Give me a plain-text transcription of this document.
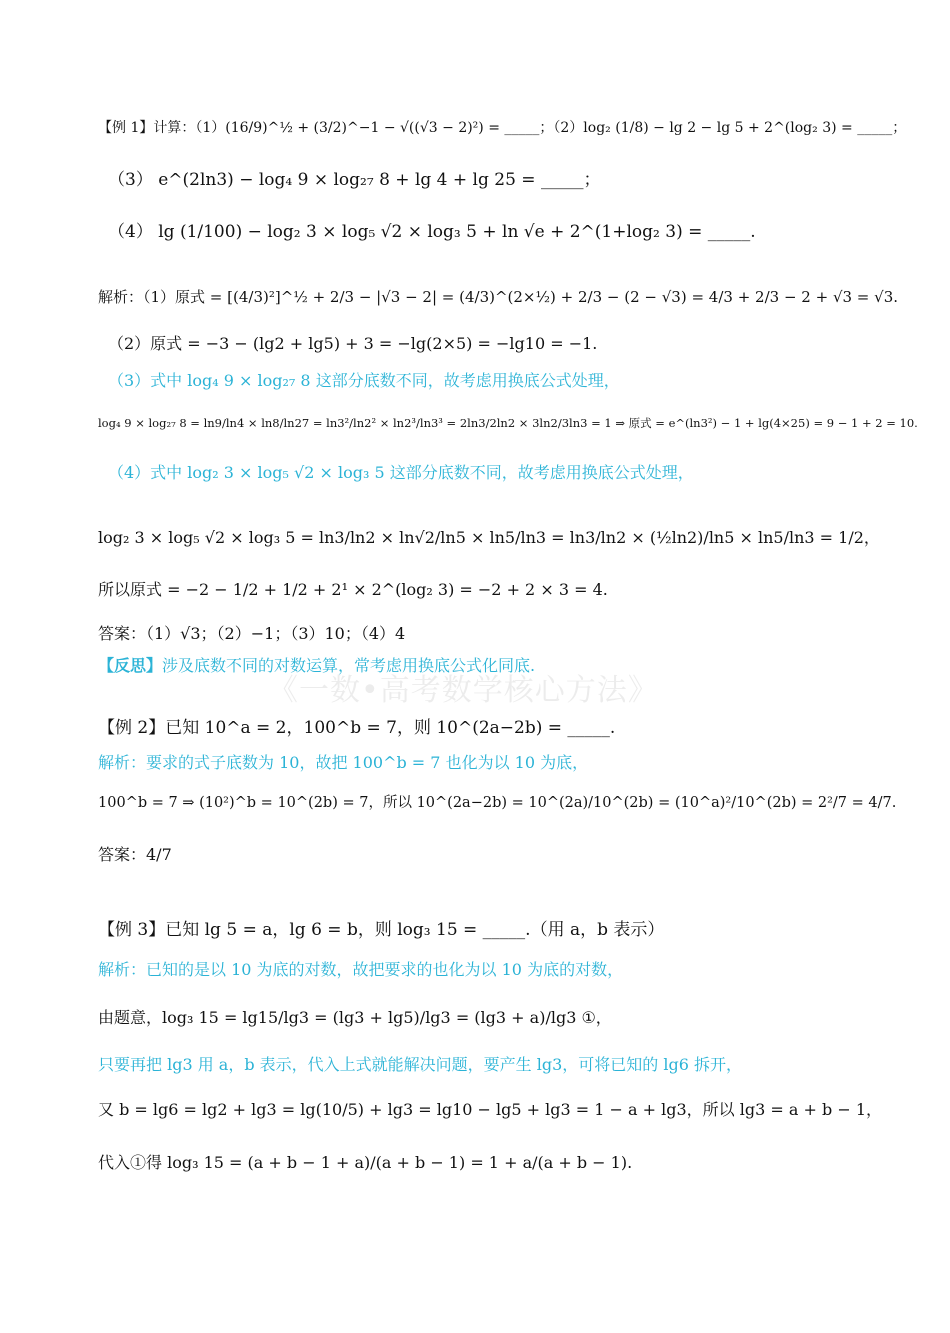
《一数•高考数学核心方法》
【例 1】计算：（1）(16/9)^½ + (3/2)^−1 − √((√3 − 2)²) = _____；（2）log₂ (1/8) − lg 2 − lg 5 + 2^(log₂ 3) = _____；
（3） e^(2ln3) − log₄ 9 × log₂₇ 8 + lg 4 + lg 25 = _____；
（4） lg (1/100) − log₂ 3 × log₅ √2 × log₃ 5 + ln √e + 2^(1+log₂ 3) = _____.
解析：（1）原式 = [(4/3)²]^½ + 2/3 − |√3 − 2| = (4/3)^(2×½) + 2/3 − (2 − √3) = 4/3 + 2/3 − 2 + √3 = √3.
（2）原式 = −3 − (lg2 + lg5) + 3 = −lg(2×5) = −lg10 = −1.
（3）式中 log₄ 9 × log₂₇ 8 这部分底数不同，故考虑用换底公式处理，
log₄ 9 × log₂₇ 8 = ln9/ln4 × ln8/ln27 = ln3²/ln2² × ln2³/ln3³ = 2ln3/2ln2 × 3ln2/3ln3 = 1 ⇒ 原式 = e^(ln3²) − 1 + lg(4×25) = 9 − 1 + 2 = 10.
（4）式中 log₂ 3 × log₅ √2 × log₃ 5 这部分底数不同，故考虑用换底公式处理，
log₂ 3 × log₅ √2 × log₃ 5 = ln3/ln2 × ln√2/ln5 × ln5/ln3 = ln3/ln2 × (½ln2)/ln5 × ln5/ln3 = 1/2，
所以原式 = −2 − 1/2 + 1/2 + 2¹ × 2^(log₂ 3) = −2 + 2 × 3 = 4.
答案：（1）√3；（2）−1；（3）10；（4）4
【反思】涉及底数不同的对数运算，常考虑用换底公式化同底.
【例 2】已知 10^a = 2，100^b = 7，则 10^(2a−2b) = _____.
解析：要求的式子底数为 10，故把 100^b = 7 也化为以 10 为底，
100^b = 7 ⇒ (10²)^b = 10^(2b) = 7，所以 10^(2a−2b) = 10^(2a)/10^(2b) = (10^a)²/10^(2b) = 2²/7 = 4/7.
答案：4/7
【例 3】已知 lg 5 = a，lg 6 = b，则 log₃ 15 = _____.（用 a，b 表示）
解析：已知的是以 10 为底的对数，故把要求的也化为以 10 为底的对数，
由题意，log₃ 15 = lg15/lg3 = (lg3 + lg5)/lg3 = (lg3 + a)/lg3 ①，
只要再把 lg3 用 a，b 表示，代入上式就能解决问题，要产生 lg3，可将已知的 lg6 拆开，
又 b = lg6 = lg2 + lg3 = lg(10/5) + lg3 = lg10 − lg5 + lg3 = 1 − a + lg3，所以 lg3 = a + b − 1，
代入①得 log₃ 15 = (a + b − 1 + a)/(a + b − 1) = 1 + a/(a + b − 1).
